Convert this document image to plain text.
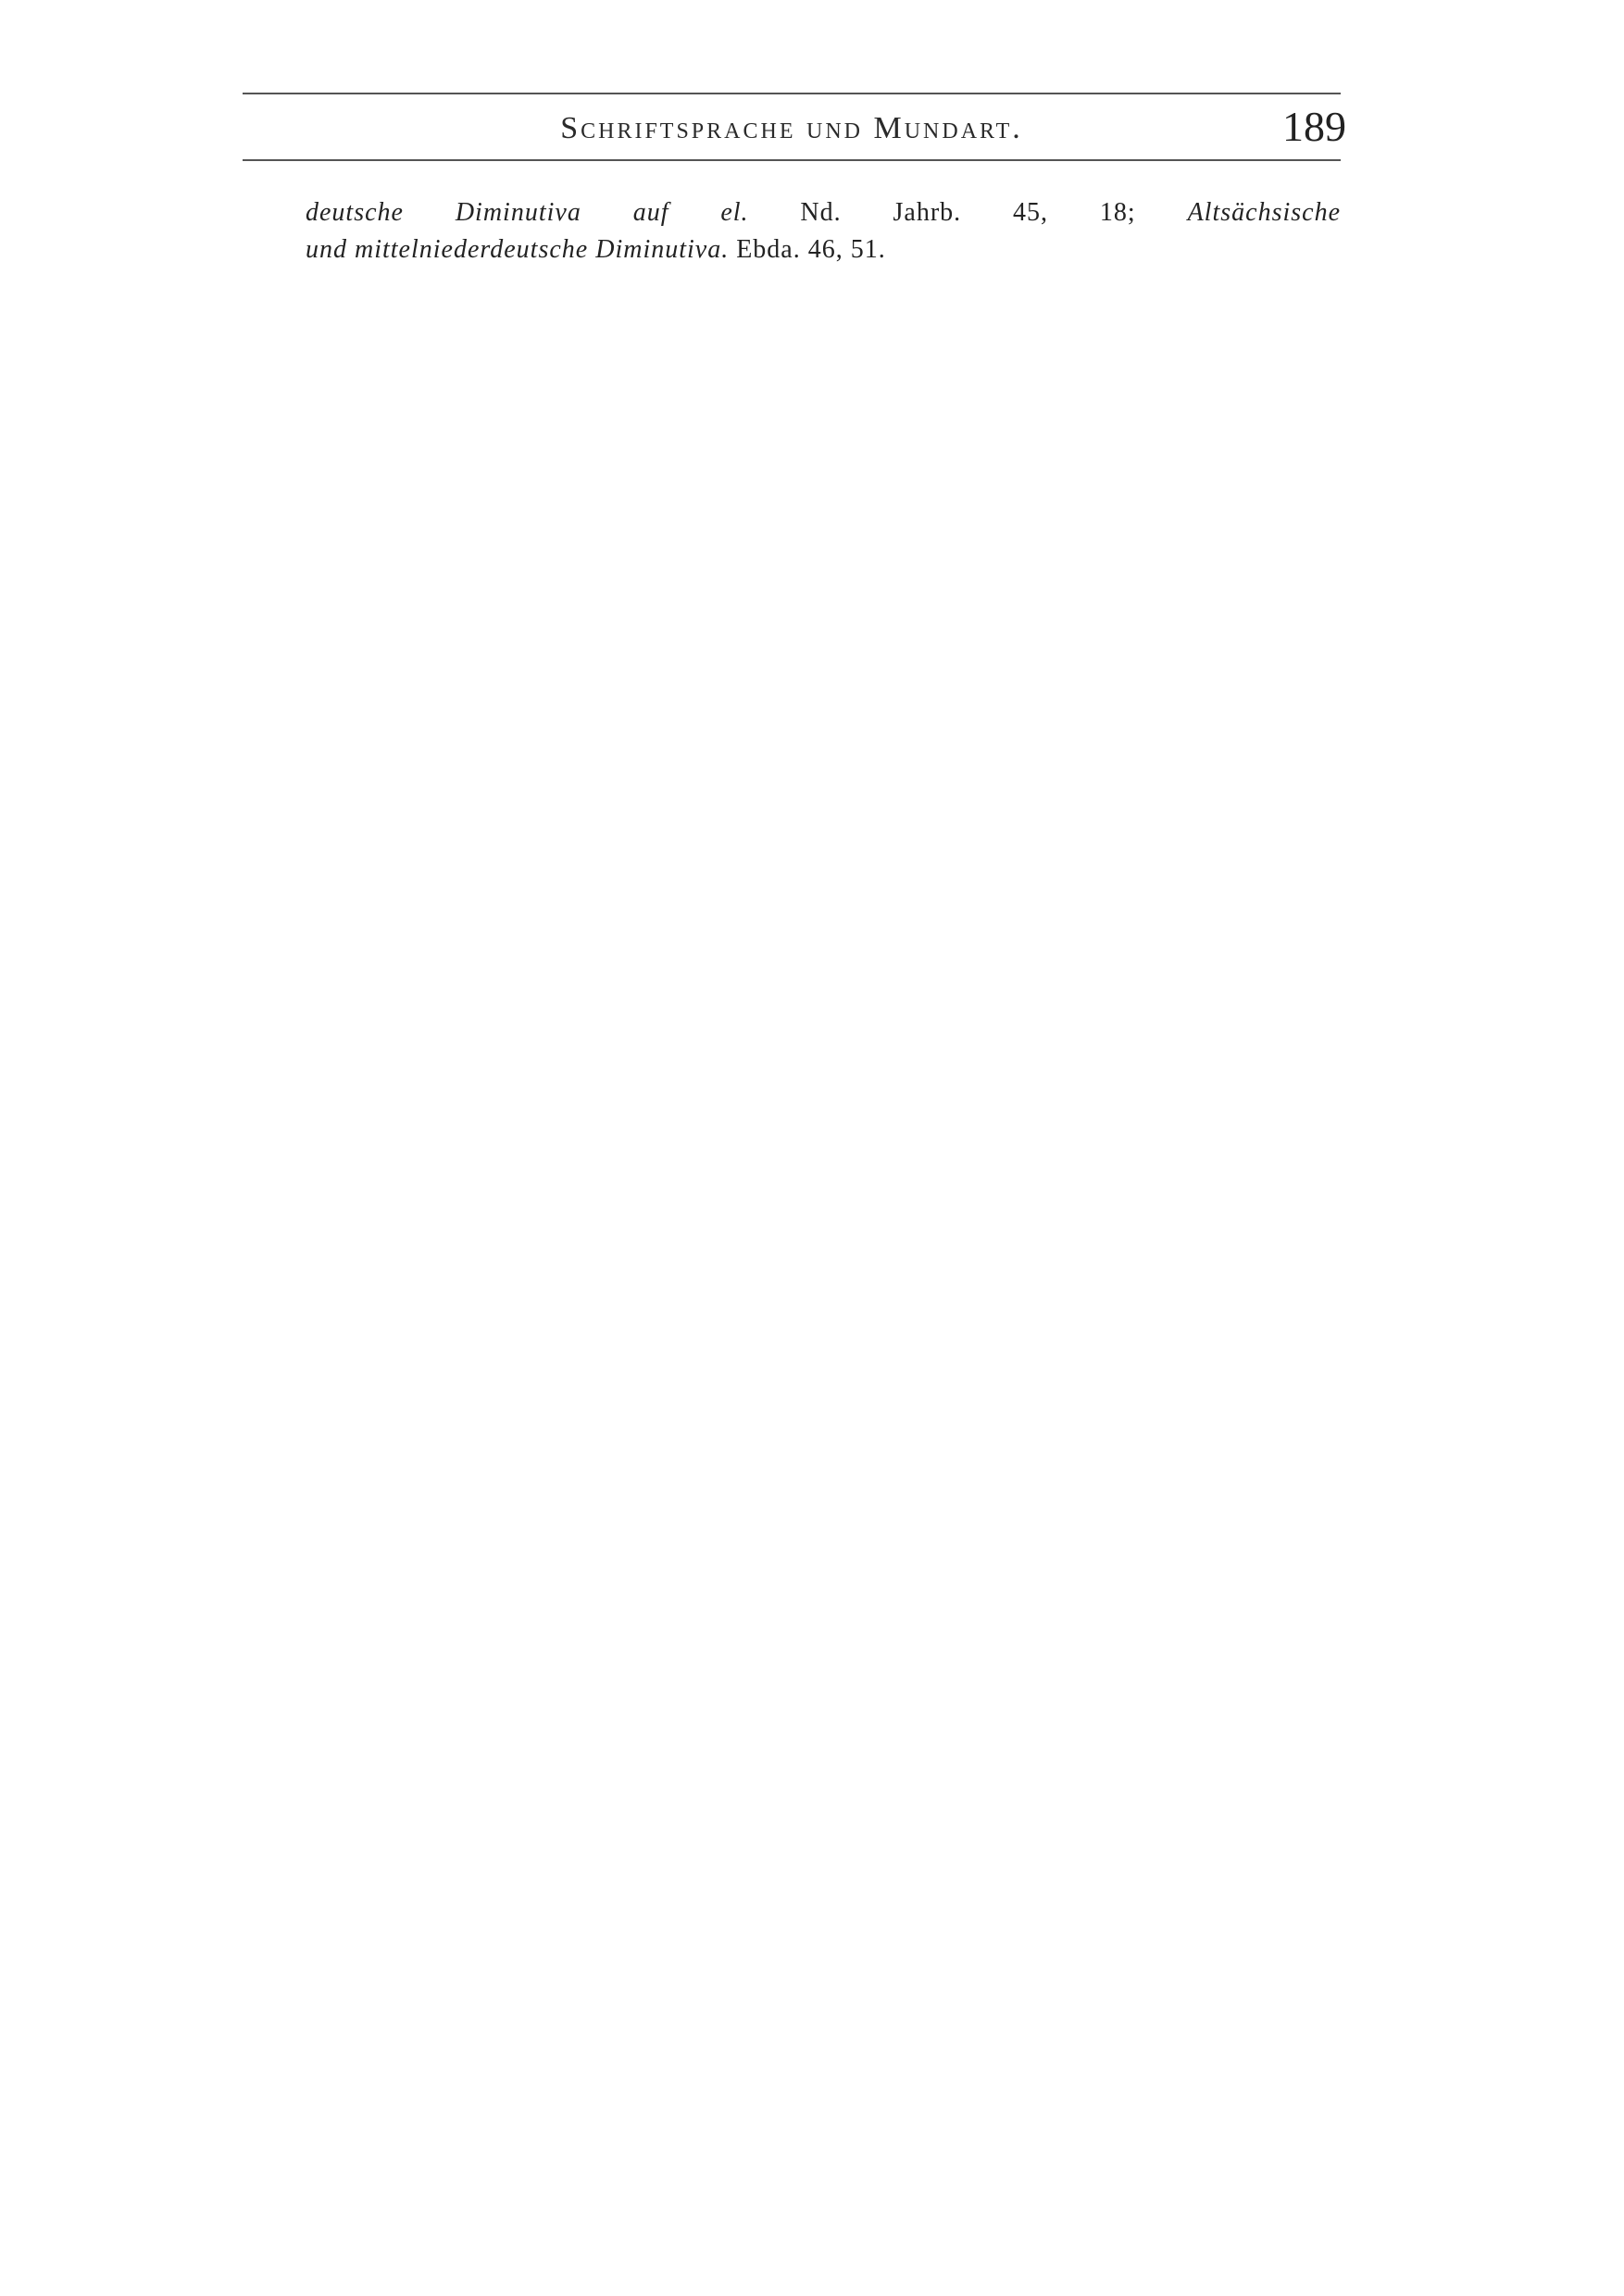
Schriftsprache und Mundart.	189
deutsche Diminutiva auf el. Nd. Jahrb. 45, 18; Altsächsische
und mittelniederdeutsche Diminutiva. Ebda. 46, 51.
